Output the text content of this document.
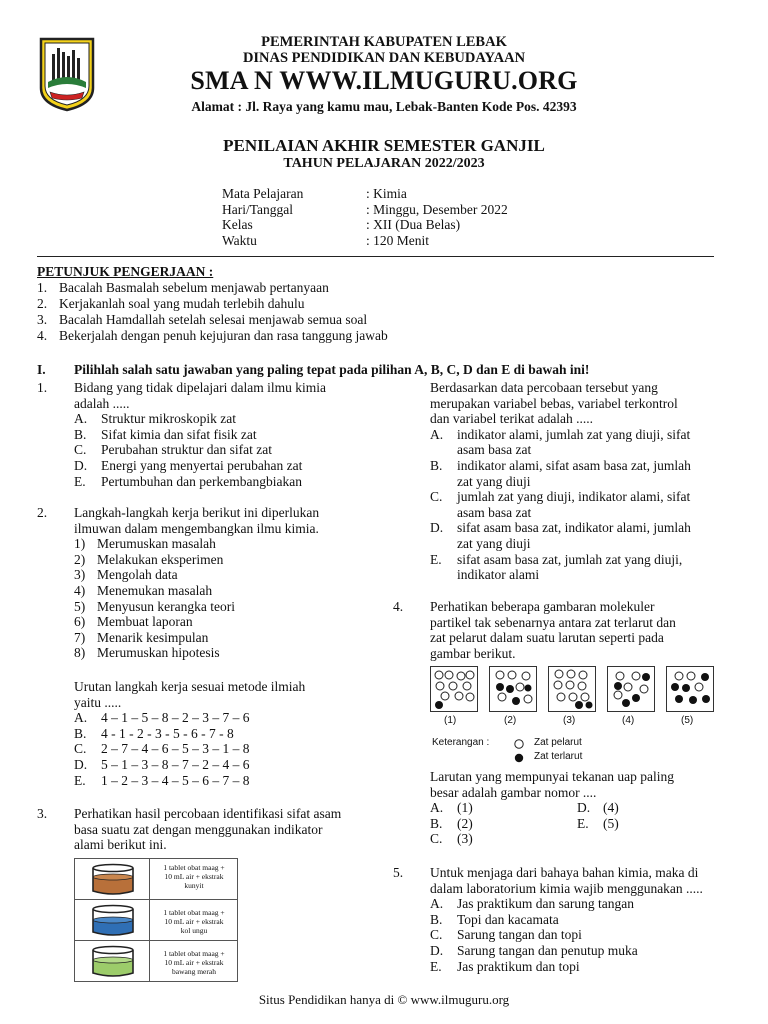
PEMERINTAH KABUPATEN LEBAK
DINAS PENDIDIKAN DAN KEBUDAYAAN
SMA N WWW.ILMUGURU.ORG
Alamat : Jl. Raya yang kamu mau, Lebak-Banten Kode Pos. 42393
PENILAIAN AKHIR SEMESTER GANJIL
TAHUN PELAJARAN 2022/2023
Mata Pelajaran	: Kimia
Hari/Tanggal	: Minggu, Desember 2022
Kelas	: XII (Dua Belas)
Waktu	: 120 Menit
PETUNJUK PENGERJAAN :
1. Bacalah Basmalah sebelum menjawab pertanyaan
2. Kerjakanlah soal yang mudah terlebih dahulu
3. Bacalah Hamdallah setelah selesai menjawab semua soal
4. Bekerjalah dengan penuh kejujuran dan rasa tanggung jawab
I. Pilihlah salah satu jawaban yang paling tepat pada pilihan A, B, C, D dan E di bawah ini!
1. Bidang yang tidak dipelajari dalam ilmu kimia
adalah .....
A. Struktur mikroskopik zat
B. Sifat kimia dan sifat fisik zat
C. Perubahan struktur dan sifat zat
D. Energi yang menyertai perubahan zat
E. Pertumbuhan dan perkembangbiakan
2. Langkah-langkah kerja berikut ini diperlukan
ilmuwan dalam mengembangkan ilmu kimia.
1) Merumuskan masalah
2) Melakukan eksperimen
3) Mengolah data
4) Menemukan masalah
5) Menyusun kerangka teori
6) Membuat laporan
7) Menarik kesimpulan
8) Merumuskan hipotesis
Urutan langkah kerja sesuai metode ilmiah
yaitu .....
A. 4 – 1 – 5 – 8 – 2 – 3 – 7 – 6
B. 4 - 1 - 2 - 3 - 5 - 6 - 7 - 8
C. 2 – 7 – 4 – 6 – 5 – 3 – 1 – 8
D. 5 – 1 – 3 – 8 – 7 – 2 – 4 – 6
E. 1 – 2 – 3 – 4 – 5 – 6 – 7 – 8
3. Perhatikan hasil percobaan identifikasi sifat asam
basa suatu zat dengan menggunakan indikator
alami berikut ini.
1 tablet obat maag +
10 mL air + ekstrak
kunyit
1 tablet obat maag +
10 mL air + ekstrak
kol ungu
1 tablet obat maag +
10 mL air + ekstrak
bawang merah
Berdasarkan data percobaan tersebut yang
merupakan variabel bebas, variabel terkontrol
dan variabel terikat adalah .....
A. indikator alami, jumlah zat yang diuji, sifat
asam basa zat
B. indikator alami, sifat asam basa zat, jumlah
zat yang diuji
C. jumlah zat yang diuji, indikator alami, sifat
asam basa zat
D. sifat asam basa zat, indikator alami, jumlah
zat yang diuji
E. sifat asam basa zat, jumlah zat yang diuji,
indikator alami
4. Perhatikan beberapa gambaran molekuler
partikel tak sebenarnya antara zat terlarut dan
zat pelarut dalam suatu larutan seperti pada
gambar berikut.
(1)	(2)	(3)	(4)	(5)
Keterangan :	Zat pelarut
Zat terlarut
Larutan yang mempunyai tekanan uap paling
besar adalah gambar nomor ....
A. (1)
B. (2)
C. (3)
D. (4)
E. (5)
5. Untuk menjaga dari bahaya bahan kimia, maka di
dalam laboratorium kimia wajib menggunakan .....
A. Jas praktikum dan sarung tangan
B. Topi dan kacamata
C. Sarung tangan dan topi
D. Sarung tangan dan penutup muka
E. Jas praktikum dan topi
Situs Pendidikan hanya di © www.ilmuguru.org
